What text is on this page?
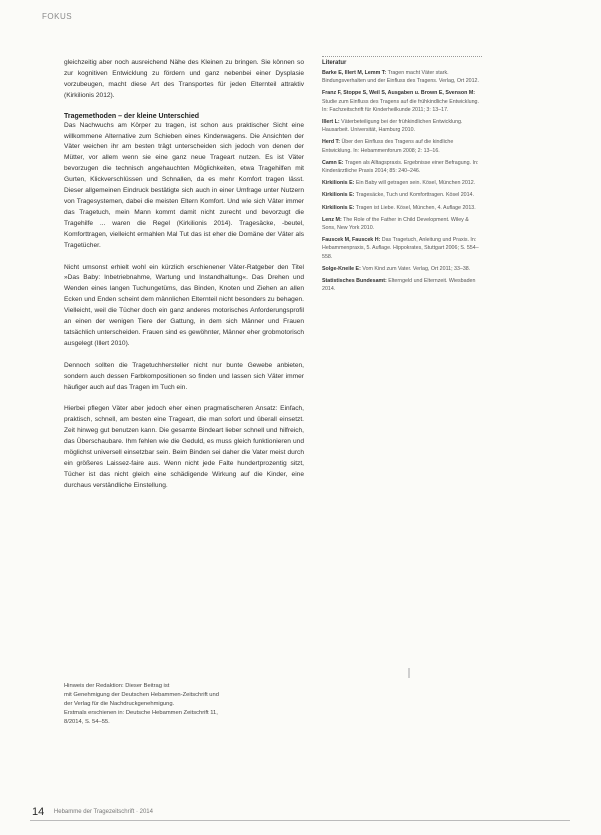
FOKUS

gleichzeitig aber noch ausreichend Nähe des Kleinen zu bringen. Sie können so zur kognitiven Entwicklung zu fördern und ganz nebenbei einer Dysplasie vorzubeugen, macht diese Art des Transportes für jeden Elternteil attraktiv (Kirkilionis 2012).

Tragemethoden – der kleine Unterschied

Das Nachwuchs am Körper zu tragen, ist schon aus praktischer Sicht eine willkommene Alternative zum Schieben eines Kinderwagens. Die Ansichten der Väter weichen ihr am besten trägt unterscheiden sich jedoch von denen der Mütter, vor allem wenn sie eine ganz neue Trageart nutzen. Es ist Väter bevorzugen die technisch angehauchten Möglichkeiten, etwa Tragehilfen mit Gurten, Klickverschlüssen und Schnallen, da es mehr Komfort tragen lässt. Dieser allgemeinen Eindruck bestätigte sich auch in einer Umfrage unter Nutzern von Tragesystemen, dabei die meisten Eltern Komfort. Und wie sich Väter immer das Tragetuch, mein Mann kommt damit nicht zurecht und bevorzugt die Tragehilfe ... waren die Regel (Kirkilionis 2014). Tragesäcke, -beutel, Komforttragen, vielleicht ermahlen Mal Tut das ist eher die Domäne der Väter als Tragetücher.

Nicht umsonst erhielt wohl ein kürzlich erschienener Väter-Ratgeber den Titel »Das Baby: Inbetriebnahme, Wartung und Instandhaltung«. Das Drehen und Wenden eines langen Tuchungetüms, das Binden, Knoten und Ziehen an allen Ecken und Enden scheint dem männlichen Elternteil nicht besonders zu behagen. Vielleicht, weil die Tücher doch ein ganz anderes motorisches Anforderungsprofil an einen der wenigen Tiere der Gattung, in dem sich Männer und Frauen tatsächlich unterscheiden. Frauen sind es gewöhnter, Männer eher grobmotorisch ausgelegt (Illert 2010).

Dennoch sollten die Tragetuchhersteller nicht nur bunte Gewebe anbieten, sondern auch dessen Farbkompositionen so finden und lassen sich Väter immer häufiger auch auf das Tragen im Tuch ein.

Hierbei pflegen Väter aber jedoch eher einen pragmatischeren Ansatz: Einfach, praktisch, schnell, am besten eine Trageart, die man sofort und überall einsetzt. Zeit hinweg gut benutzen kann. Die gesamte Bindeart lieber schnell und hilfreich, das Überschaubare. Ihm fehlen wie die Geduld, es muss gleich funktionieren und möglichst universell einsetzbar sein. Beim Binden sei daher die Vater meist durch ein größeres Laissez-faire aus. Wenn nicht jede Falte hundertprozentig sitzt, Tücher ist das nicht gleich eine schädigende Wirkung auf die Kinder, eine durchaus verständliche Einstellung.

Literatur

Barke E, Illert M, Lemm T: Tragen macht Väter stark. Bindungsverhalten und der Einfluss des Tragens. Verlag, Ort 2012.

Franz F, Stoppe S, Weil S, Ausgaben u. Brown E, Svenson M: Studie zum Einfluss des Tragens auf die frühkindliche Entwicklung. In: Fachzeitschrift für Kinderheilkunde 2011; 3: 13–17.

Illert L: Väterbeteiligung bei der frühkindlichen Entwicklung. Hausarbeit. Universität, Hamburg 2010.

Herd T: Über den Einfluss des Tragens auf die kindliche Entwicklung. In: Hebammenforum 2008; 2: 13–16.

Camn E: Tragen als Alltagspraxis. Ergebnisse einer Befragung. In: Kinderärztliche Praxis 2014; 85: 240–246.

Kirkilionis E: Ein Baby will getragen sein. Kösel, München 2012.

Kirkilionis E: Tragesäcke, Tuch und Komforttragen. Kösel 2014.

Kirkilionis E: Tragen ist Liebe. Kösel, München, 4. Auflage 2013.

Lenz M: The Role of the Father in Child Development. Wiley & Sons, New York 2010.

Fauscek M, Fauscek H: Das Tragetuch, Anleitung und Praxis. In: Hebammenpraxis, 5. Auflage. Hippokrates, Stuttgart 2006; S. 554–558.

Solge-Kneile E: Vom Kind zum Vater. Verlag, Ort 2011; 33–38.

Statistisches Bundesamt: Elterngeld und Elternzeit. Wiesbaden 2014.

Hinweis der Redaktion: Dieser Beitrag ist
mit Genehmigung der Deutschen Hebammen-Zeitschrift und
der Verlag für die Nachdruckgenehmigung.
Erstmals erschienen in: Deutsche Hebammen Zeitschrift 11,
8/2014, S. 54–55.
14 Hebamme der Tragezeitschrift · 2014
